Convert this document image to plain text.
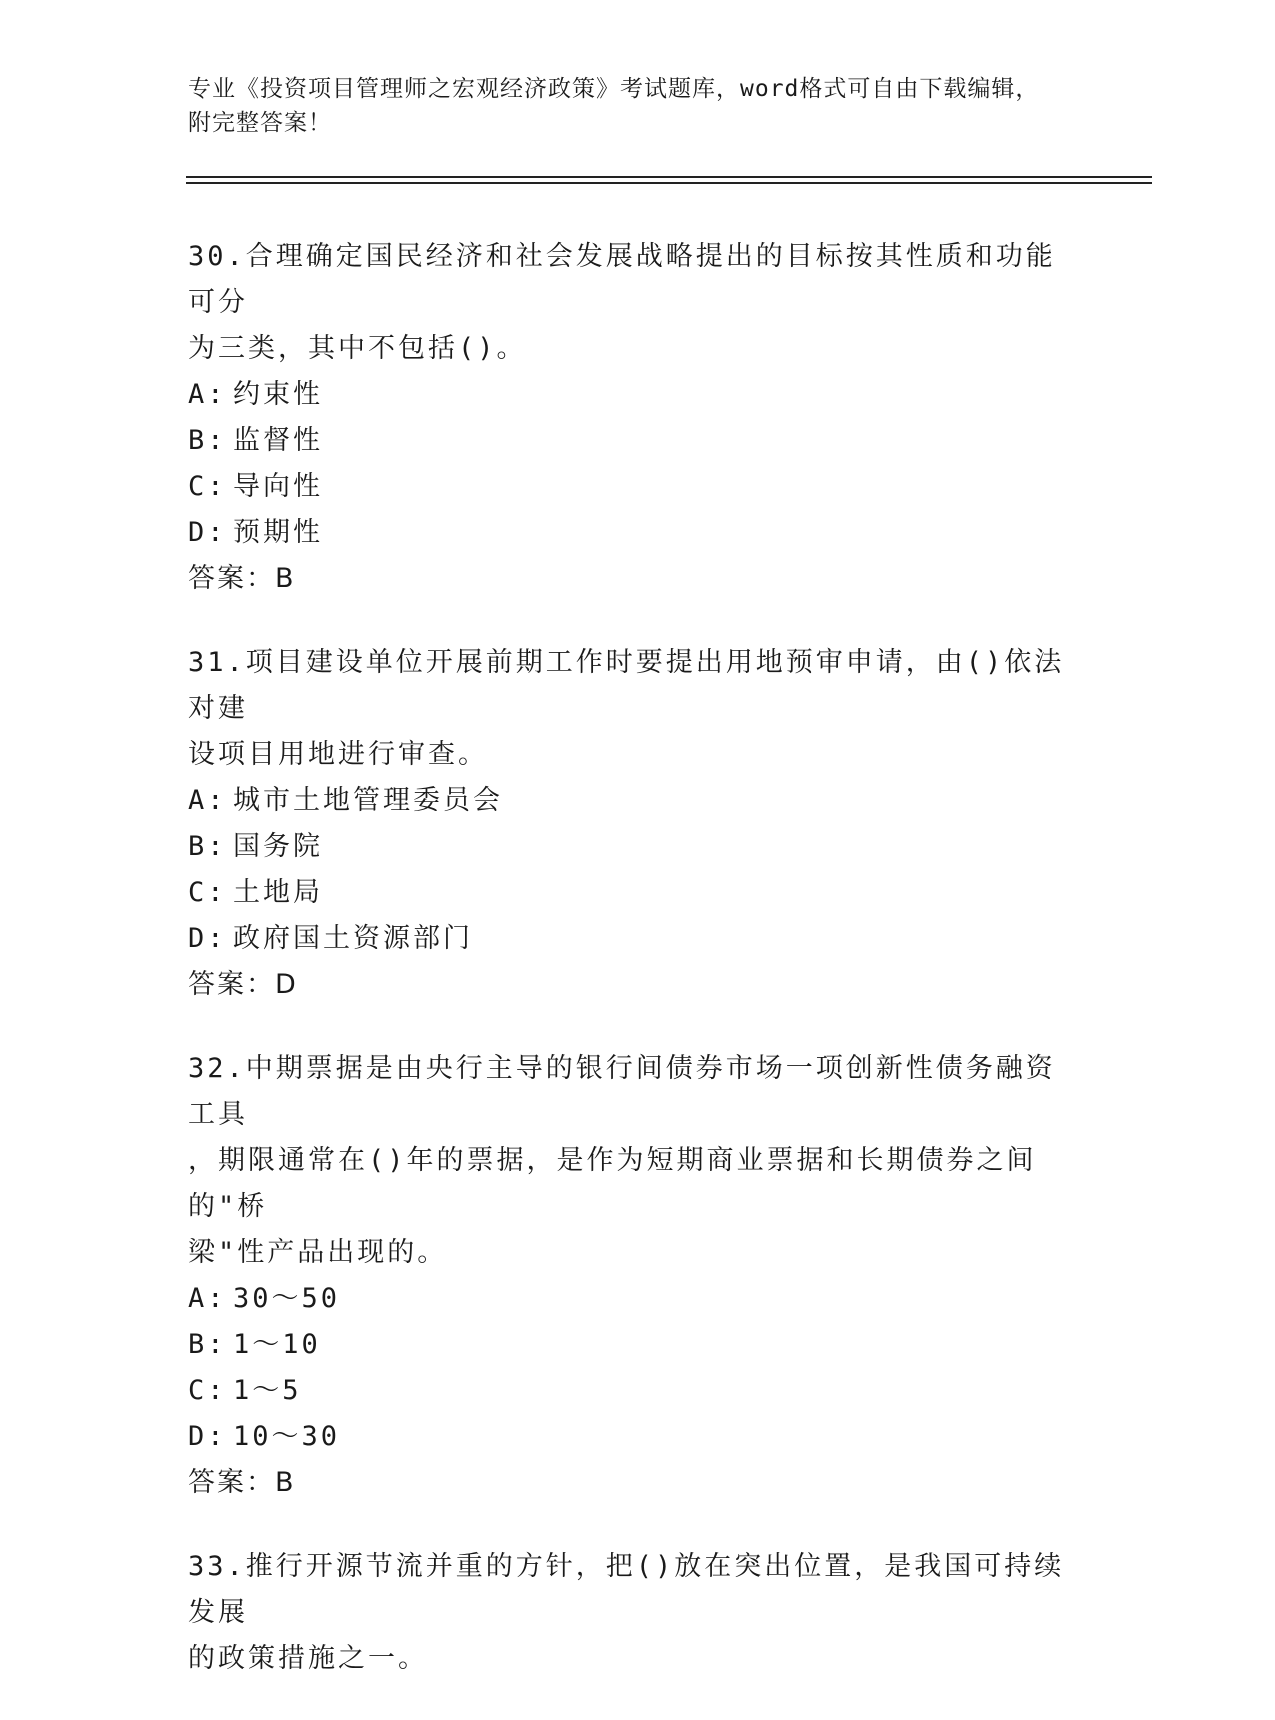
专业《投资项目管理师之宏观经济政策》考试题库，word格式可自由下载编辑，
附完整答案！
30.合理确定国民经济和社会发展战略提出的目标按其性质和功能可分
为三类，其中不包括()。
A: 约束性
B: 监督性
C: 导向性
D: 预期性
答案：B
31.项目建设单位开展前期工作时要提出用地预审申请，由()依法对建
设项目用地进行审查。
A: 城市土地管理委员会
B: 国务院
C: 土地局
D: 政府国土资源部门
答案：D
32.中期票据是由央行主导的银行间债券市场一项创新性债务融资工具
，期限通常在()年的票据，是作为短期商业票据和长期债券之间的"桥
梁"性产品出现的。
A: 30～50
B: 1～10
C: 1～5
D: 10～30
答案：B
33.推行开源节流并重的方针，把()放在突出位置，是我国可持续发展
的政策措施之一。
